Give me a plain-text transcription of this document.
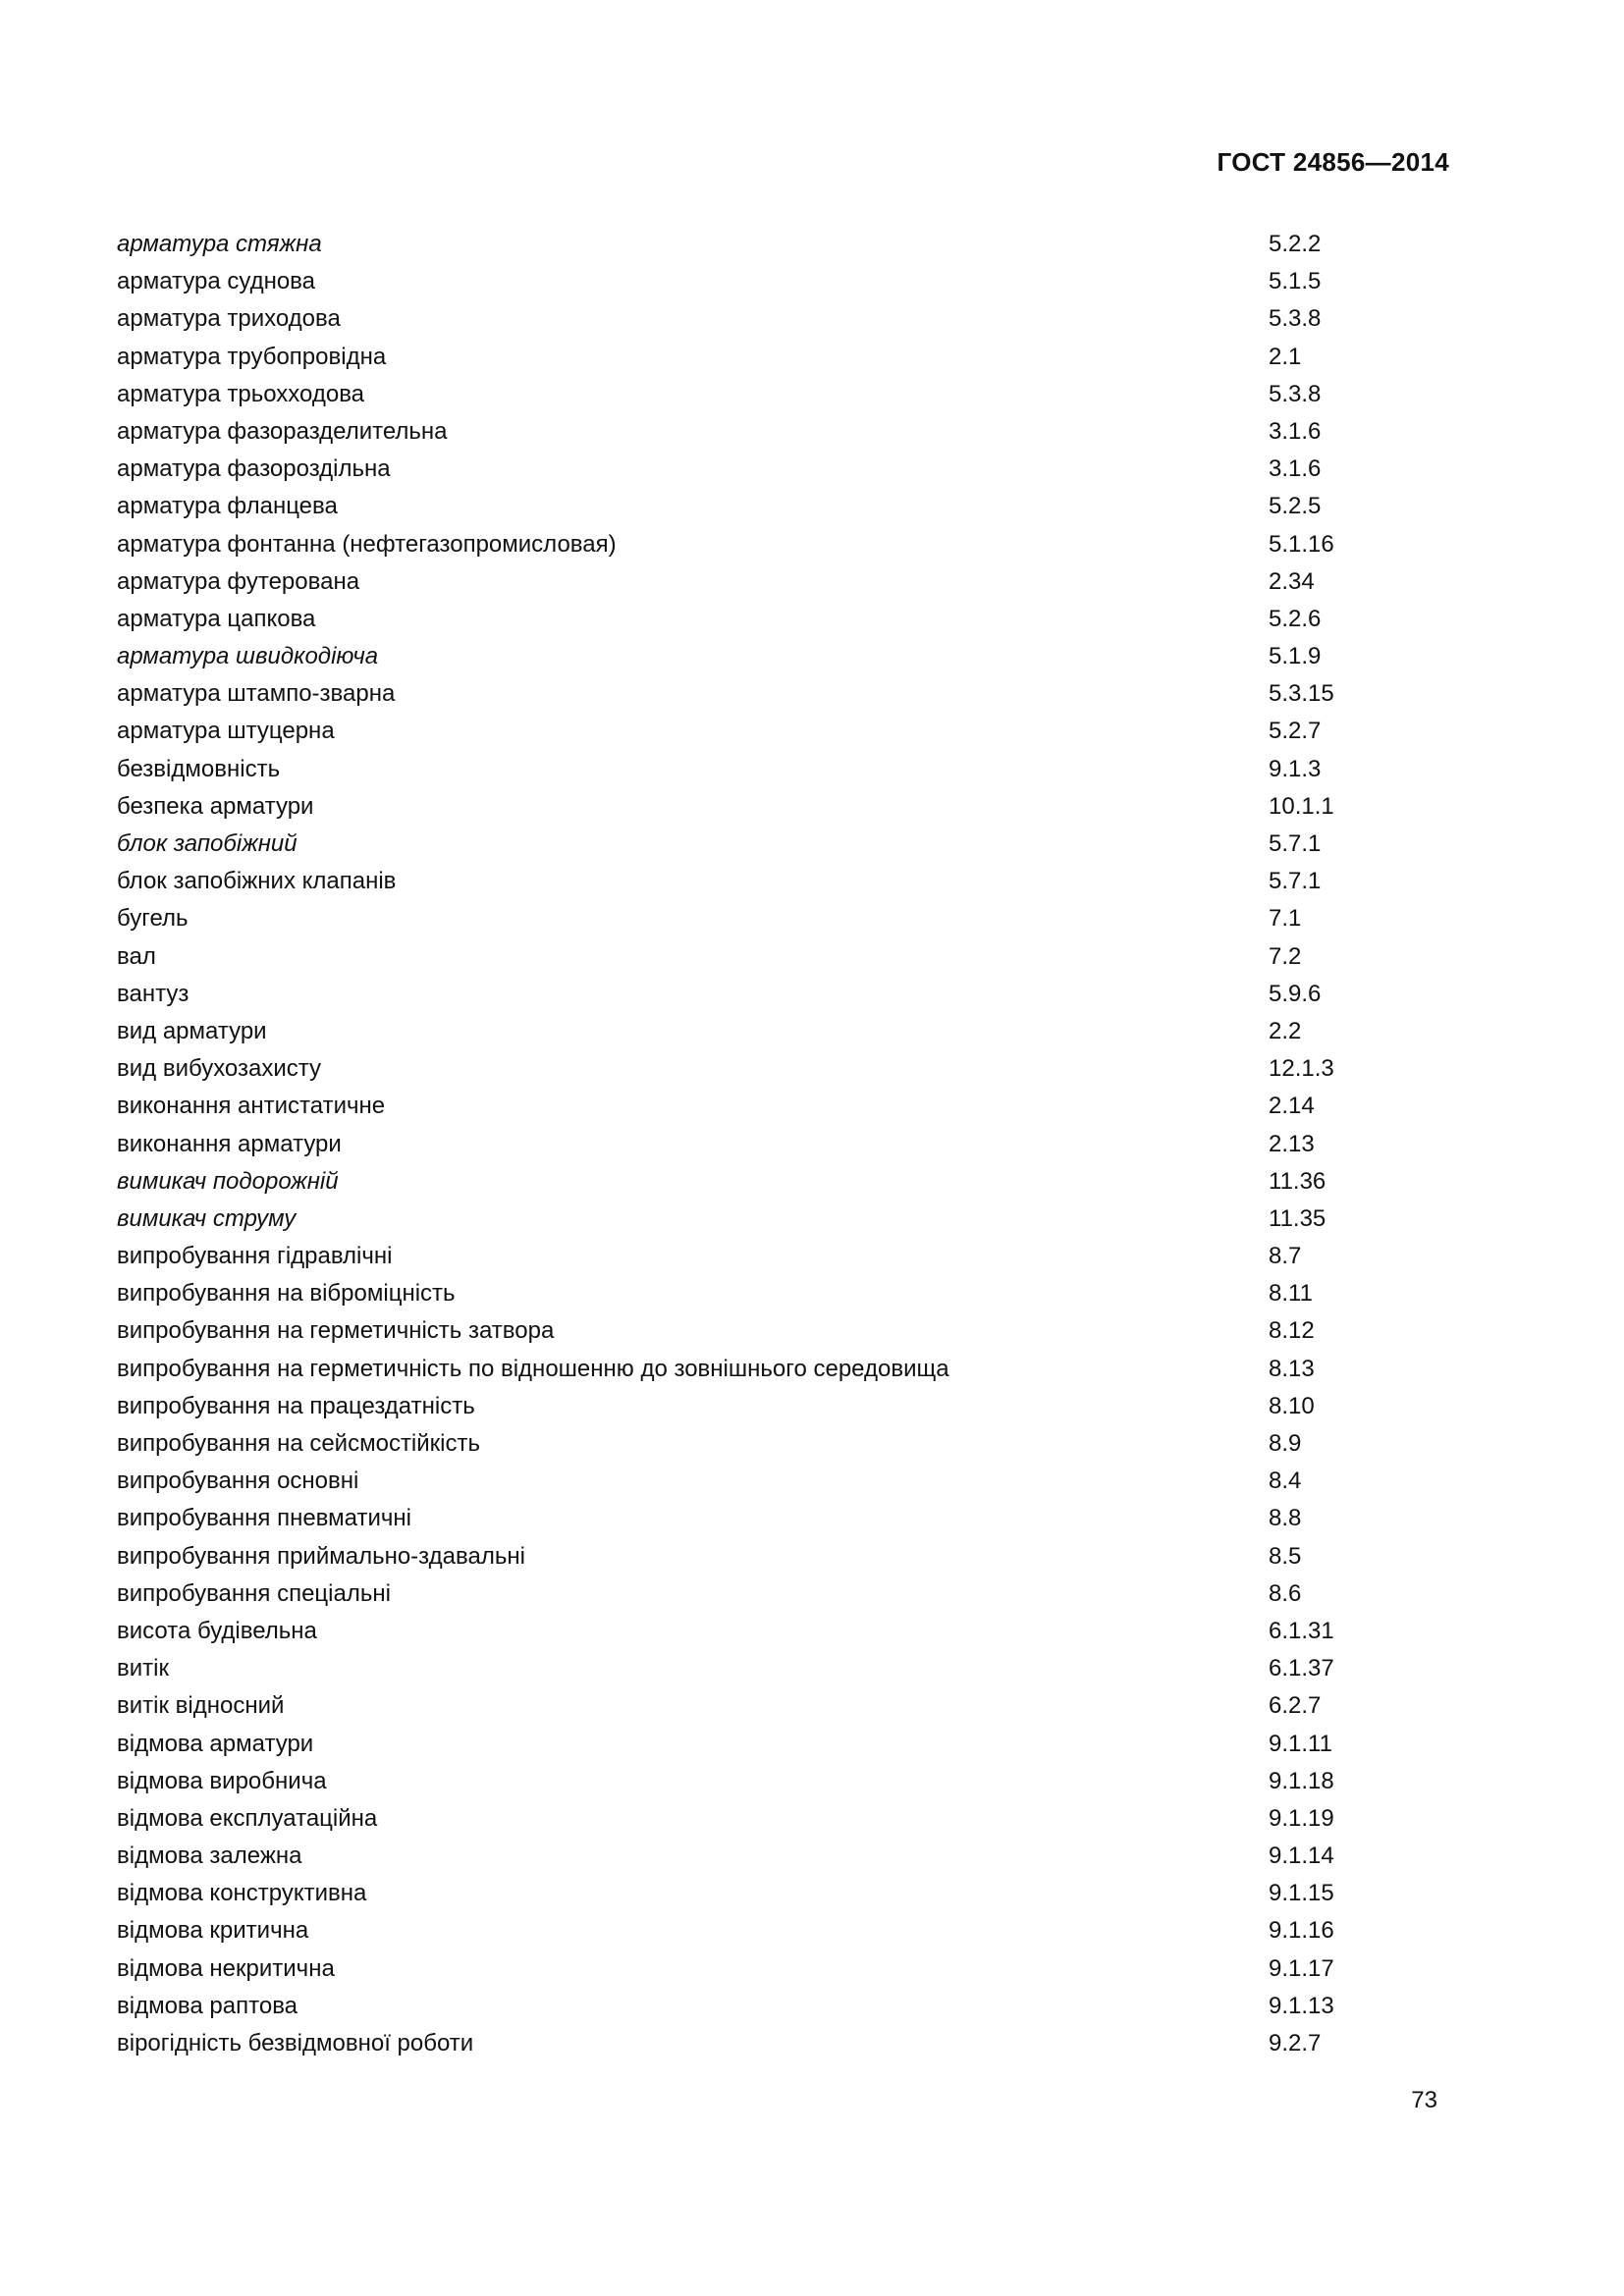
ГОСТ 24856—2014
арматура стяжна	5.2.2
арматура суднова	5.1.5
арматура триходова	5.3.8
арматура трубопровідна	2.1
арматура трьохходова	5.3.8
арматура фазоразделительна	3.1.6
арматура фазороздільна	3.1.6
арматура фланцева	5.2.5
арматура фонтанна (нефтегазопромисловая)	5.1.16
арматура футерована	2.34
арматура цапкова	5.2.6
арматура швидкодіюча	5.1.9
арматура штампо-зварна	5.3.15
арматура штуцерна	5.2.7
безвідмовність	9.1.3
безпека арматури	10.1.1
блок запобіжний	5.7.1
блок запобіжних клапанів	5.7.1
бугель	7.1
вал	7.2
вантуз	5.9.6
вид арматури	2.2
вид вибухозахисту	12.1.3
виконання антистатичне	2.14
виконання арматури	2.13
вимикач подорожній	11.36
вимикач струму	11.35
випробування гідравлічні	8.7
випробування на віброміцність	8.11
випробування на герметичність затвора	8.12
випробування на герметичність по відношенню до зовнішнього середовища	8.13
випробування на працездатність	8.10
випробування на сейсмостійкість	8.9
випробування основні	8.4
випробування пневматичні	8.8
випробування приймально-здавальні	8.5
випробування спеціальні	8.6
висота будівельна	6.1.31
витік	6.1.37
витік відносний	6.2.7
відмова арматури	9.1.11
відмова виробнича	9.1.18
відмова експлуатаційна	9.1.19
відмова залежна	9.1.14
відмова конструктивна	9.1.15
відмова критична	9.1.16
відмова некритична	9.1.17
відмова раптова	9.1.13
вірогідність безвідмовної роботи	9.2.7
73
